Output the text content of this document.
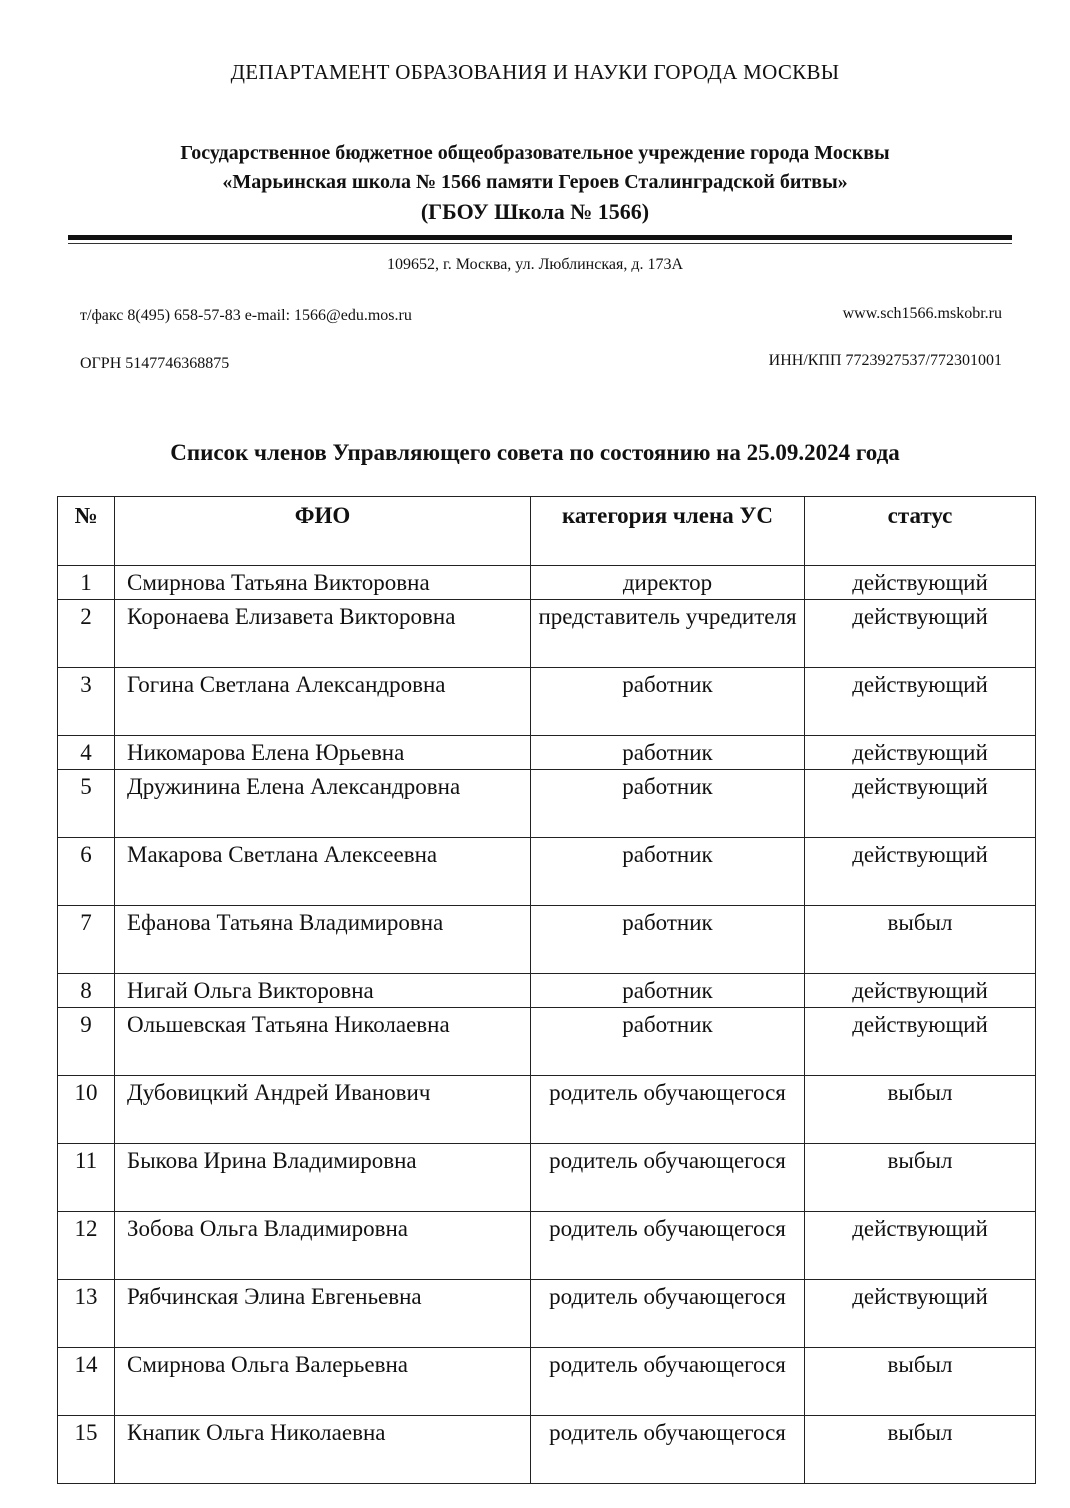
ДЕПАРТАМЕНТ ОБРАЗОВАНИЯ И НАУКИ ГОРОДА МОСКВЫ
Государственное бюджетное общеобразовательное учреждение города Москвы
«Марьинская школа № 1566 памяти Героев Сталинградской битвы»
(ГБОУ Школа № 1566)
109652, г. Москва, ул. Люблинская, д. 173А
т/факс 8(495) 658-57-83 e-mail: 1566@edu.mos.ru	www.sch1566.mskobr.ru
ОГРН 5147746368875	ИНН/КПП 7723927537/772301001
Список членов Управляющего совета по состоянию на 25.09.2024 года
№	ФИО	категория члена УС	статус
1	Смирнова Татьяна Викторовна	директор	действующий
2	Коронаева Елизавета Викторовна	представитель учредителя	действующий
3	Гогина Светлана Александровна	работник	действующий
4	Никомарова Елена Юрьевна	работник	действующий
5	Дружинина Елена Александровна	работник	действующий
6	Макарова Светлана Алексеевна	работник	действующий
7	Ефанова Татьяна Владимировна	работник	выбыл
8	Нигай Ольга Викторовна	работник	действующий
9	Ольшевская Татьяна Николаевна	работник	действующий
10	Дубовицкий Андрей Иванович	родитель обучающегося	выбыл
11	Быкова Ирина Владимировна	родитель обучающегося	выбыл
12	Зобова Ольга Владимировна	родитель обучающегося	действующий
13	Рябчинская Элина Евгеньевна	родитель обучающегося	действующий
14	Смирнова Ольга Валерьевна	родитель обучающегося	выбыл
15	Кнапик Ольга Николаевна	родитель обучающегося	выбыл
